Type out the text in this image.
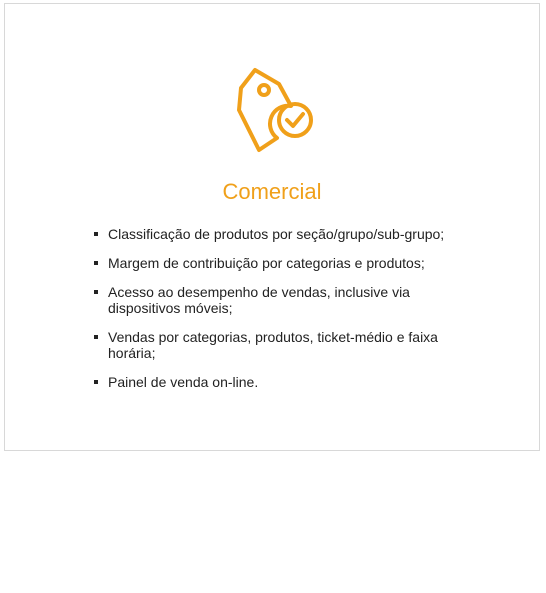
Comercial
Classificação de produtos por seção/grupo/sub-grupo;
Margem de contribuição por categorias e produtos;
Acesso ao desempenho de vendas, inclusive via dispositivos móveis;
Vendas por categorias, produtos, ticket-médio e faixa horária;
Painel de venda on-line.
